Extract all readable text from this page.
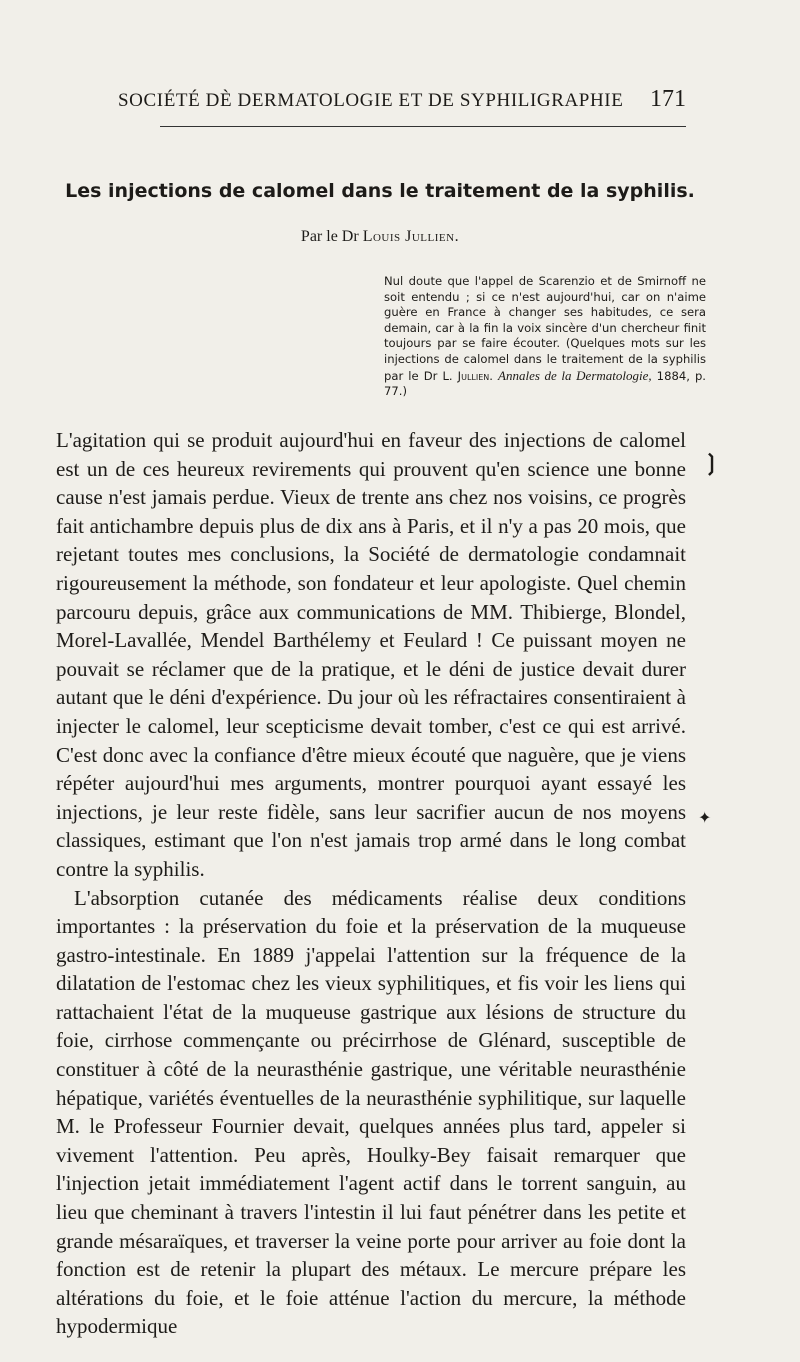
SOCIÉTÉ DÈ DERMATOLOGIE ET DE SYPHILIGRAPHIE 171
Les injections de calomel dans le traitement de la syphilis.
Par le Dr Louis Jullien.
Nul doute que l'appel de Scarenzio et de Smirnoff ne soit entendu ; si ce n'est aujourd'hui, car on n'aime guère en France à changer ses habitudes, ce sera demain, car à la fin la voix sincère d'un chercheur finit toujours par se faire écouter. (Quelques mots sur les injections de calomel dans le traitement de la syphilis par le Dr L. Jullien. Annales de la Dermatologie, 1884, p. 77.)

L'agitation qui se produit aujourd'hui en faveur des injections de calomel est un de ces heureux revirements qui prouvent qu'en science une bonne cause n'est jamais perdue. Vieux de trente ans chez nos voisins, ce progrès fait antichambre depuis plus de dix ans à Paris, et il n'y a pas 20 mois, que rejetant toutes mes conclusions, la Société de dermatologie condamnait rigoureusement la méthode, son fondateur et leur apologiste. Quel chemin parcouru depuis, grâce aux communications de MM. Thibierge, Blondel, Morel-Lavallée, Mendel Barthélemy et Feulard ! Ce puissant moyen ne pouvait se réclamer que de la pratique, et le déni de justice devait durer autant que le déni d'expérience. Du jour où les réfractaires consentiraient à injecter le calomel, leur scepticisme devait tomber, c'est ce qui est arrivé. C'est donc avec la confiance d'être mieux écouté que naguère, que je viens répéter aujourd'hui mes arguments, montrer pourquoi ayant essayé les injections, je leur reste fidèle, sans leur sacrifier aucun de nos moyens classiques, estimant que l'on n'est jamais trop armé dans le long combat contre la syphilis.

L'absorption cutanée des médicaments réalise deux conditions importantes : la préservation du foie et la préservation de la muqueuse gastro-intestinale. En 1889 j'appelai l'attention sur la fréquence de la dilatation de l'estomac chez les vieux syphilitiques, et fis voir les liens qui rattachaient l'état de la muqueuse gastrique aux lésions de structure du foie, cirrhose commençante ou précirrhose de Glénard, susceptible de constituer à côté de la neurasthénie gastrique, une véritable neurasthénie hépatique, variétés éventuelles de la neurasthénie syphilitique, sur laquelle M. le Professeur Fournier devait, quelques années plus tard, appeler si vivement l'attention. Peu après, Houlky-Bey faisait remarquer que l'injection jetait immédiatement l'agent actif dans le torrent sanguin, au lieu que cheminant à travers l'intestin il lui faut pénétrer dans les petite et grande mésaraïques, et traverser la veine porte pour arriver au foie dont la fonction est de retenir la plupart des métaux. Le mercure prépare les altérations du foie, et le foie atténue l'action du mercure, la méthode hypodermique

❳
✦
